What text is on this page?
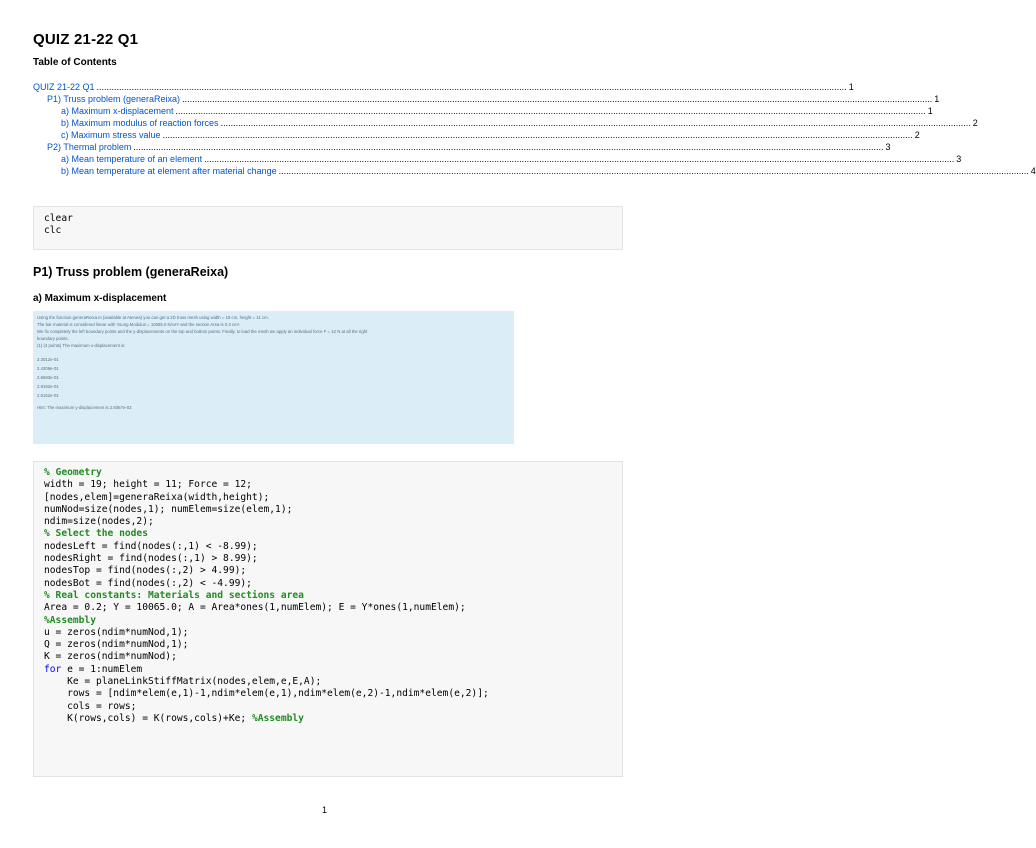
QUIZ 21-22 Q1
Table of Contents
QUIZ 21-22 Q1 ............................................................................................................................................................................................................................................................................................................ 1
P1) Truss problem (generaReixa) ............................................................................................................................................................................................................................................................................................................ 1
a) Maximum x-displacement ............................................................................................................................................................................................................................................................................................................ 1
b) Maximum modulus of reaction forces ............................................................................................................................................................................................................................................................................................................ 2
c) Maximum stress value ............................................................................................................................................................................................................................................................................................................ 2
P2) Thermal problem ............................................................................................................................................................................................................................................................................................................ 3
a) Mean temperature of an element ............................................................................................................................................................................................................................................................................................................ 3
b) Mean temperature at element after material change ............................................................................................................................................................................................................................................................................................................ 4
clear
clc
P1) Truss problem (generaReixa)
a) Maximum x-displacement
Using the function generaReixa.m (available at Atenea) you can get a 2D truss mesh using width = 19 cm, height = 11 cm.
The bar material is considered linear with Young Modulus = 10065.0 N/cm² and the section Area is 0.2 cm².
We fix completely the left boundary points and the y-displacements on the top and bottom points. Finally, to load the mesh we apply an individual force F = 12 N at all the right
boundary points.
(1) (4 points) The maximum x-displacement is:
2.3012e-01
2.4209e-01
2.6693e-01
2.9192e-01
2.6162e-01
Hint: The maximum y-displacement is 2.9367e-02
% Geometry
width = 19; height = 11; Force = 12;
[nodes,elem]=generaReixa(width,height);
numNod=size(nodes,1); numElem=size(elem,1);
ndim=size(nodes,2);
% Select the nodes
nodesLeft = find(nodes(:,1) < -8.99);
nodesRight = find(nodes(:,1) > 8.99);
nodesTop = find(nodes(:,2) > 4.99);
nodesBot = find(nodes(:,2) < -4.99);
% Real constants: Materials and sections area
Area = 0.2; Y = 10065.0; A = Area*ones(1,numElem); E = Y*ones(1,numElem);
%Assembly
u = zeros(ndim*numNod,1);
Q = zeros(ndim*numNod,1);
K = zeros(ndim*numNod);
for e = 1:numElem
Ke = planeLinkStiffMatrix(nodes,elem,e,E,A);
rows = [ndim*elem(e,1)-1,ndim*elem(e,1),ndim*elem(e,2)-1,ndim*elem(e,2)];
cols = rows;
K(rows,cols) = K(rows,cols)+Ke; %Assembly
1
